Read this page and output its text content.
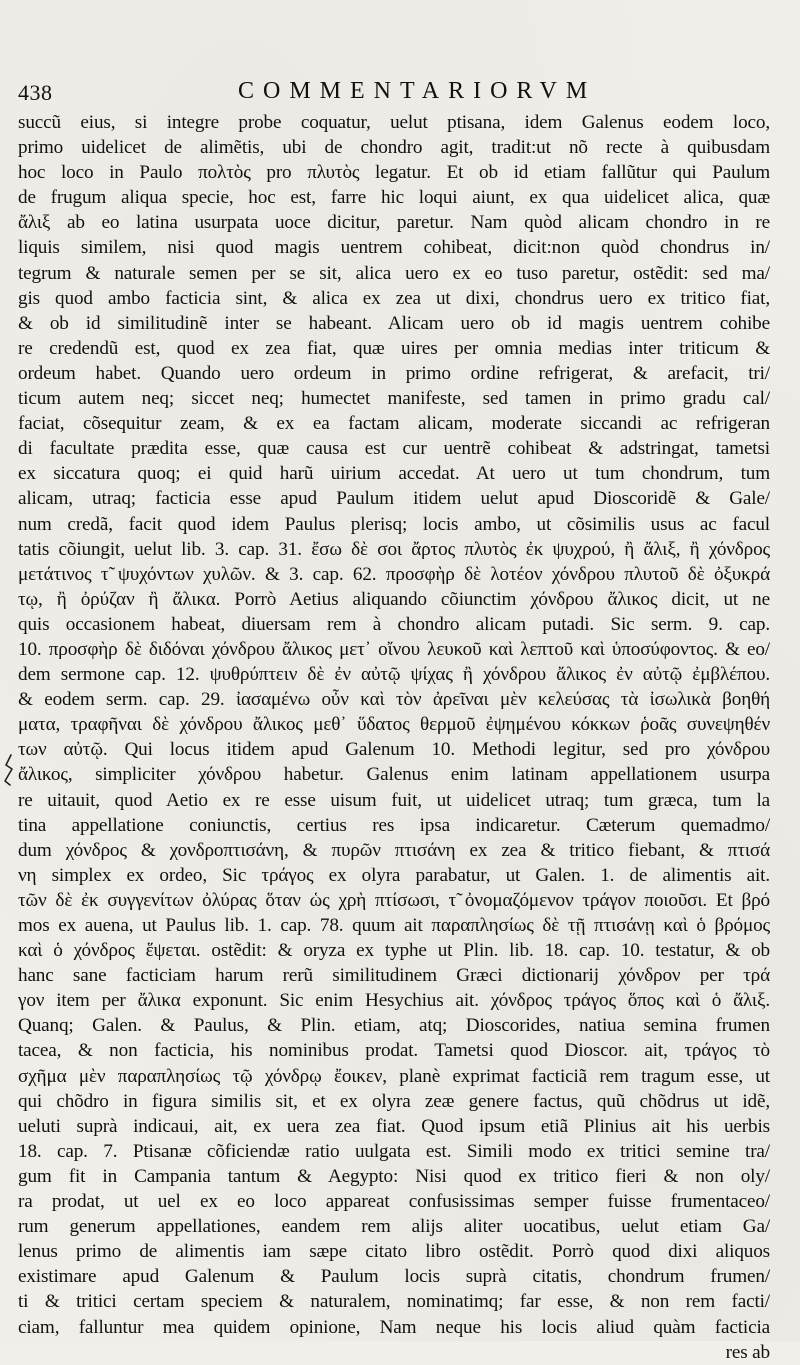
438	COMMENTARIORVM
succũ eius, si integre probe coquatur, uelut ptisana, idem Galenus eodem loco,
primo uidelicet de alimẽtis, ubi de chondro agit, tradit:ut nõ recte à quibusdam
hoc loco in Paulo πολτὸς pro πλυτὸς legatur. Et ob id etiam fallũtur qui Paulum
de frugum aliqua specie, hoc est, farre hic loqui aiunt, ex qua uidelicet alica, quæ
ἄλιξ ab eo latina usurpata uoce dicitur, paretur. Nam quòd alicam chondro in re
liquis similem, nisi quod magis uentrem cohibeat, dicit:non quòd chondrus in/
tegrum & naturale semen per se sit, alica uero ex eo tuso paretur, ostẽdit: sed ma/
gis quod ambo facticia sint, & alica ex zea ut dixi, chondrus uero ex tritico fiat,
& ob id similitudinẽ inter se habeant. Alicam uero ob id magis uentrem cohibe
re credendũ est, quod ex zea fiat, quæ uires per omnia medias inter triticum &
ordeum habet. Quando uero ordeum in primo ordine refrigerat, & arefacit, tri/
ticum autem neq; siccet neq; humectet manifeste, sed tamen in primo gradu cal/
faciat, cõsequitur zeam, & ex ea factam alicam, moderate siccandi ac refrigeran
di facultate prædita esse, quæ causa est cur uentrẽ cohibeat & adstringat, tametsi
ex siccatura quoq; ei quid harũ uirium accedat. At uero ut tum chondrum, tum
alicam, utraq; facticia esse apud Paulum itidem uelut apud Dioscoridẽ & Gale/
num credã, facit quod idem Paulus plerisq; locis ambo, ut cõsimilis usus ac facul
tatis cõiungit, uelut lib. 3. cap. 31. ἔσω δὲ σοι ἄρτος πλυτὸς ἐκ ψυχρού, ἢ ἄλιξ, ἢ χόνδρος
μετάτινος τ̃ ψυχόντων χυλῶν. & 3. cap. 62. προσφὴρ δὲ λοτέον χόνδρου πλυτοῦ δὲ ὀξυκρά
τῳ, ἢ ὀρύζαν ἢ ἄλικα. Porrò Aetius aliquando cõiunctim χόνδρου ἄλικος dicit, ut ne
quis occasionem habeat, diuersam rem à chondro alicam putadi. Sic serm. 9. cap.
10. προσφὴρ δὲ διδόναι χόνδρου ἄλικος μετ᾽ οἴνου λευκοῦ καὶ λεπτοῦ καὶ ὑποσύφοντος. & eo/
dem sermone cap. 12. ψυθρύπτειν δὲ ἐν αὐτῷ ψίχας ἢ χόνδρου ἄλικος ἐν αὐτῷ ἐμβλέπου.
& eodem serm. cap. 29. ἰασαμένω οὖν καὶ τὸν ἀρεῖναι μὲν κελεύσας τὰ ἰσωλικὰ βοηθή
ματα, τραφῆναι δὲ χόνδρου ἄλικος μεθ᾽ ὕδατος θερμοῦ ἐψημένου κόκκων ῥοᾶς συνεψηθέν
των αὐτῷ. Qui locus itidem apud Galenum 10. Methodi legitur, sed pro χόνδρου
ἄλικος, simpliciter χόνδρου habetur. Galenus enim latinam appellationem usurpa
re uitauit, quod Aetio ex re esse uisum fuit, ut uidelicet utraq; tum græca, tum la
tina appellatione coniunctis, certius res ipsa indicaretur. Cæterum quemadmo/
dum χόνδρος & χονδροπτισάνη, & πυρῶν πτισάνη ex zea & tritico fiebant, & πτισά
νη simplex ex ordeo, Sic τράγος ex olyra parabatur, ut Galen. 1. de alimentis ait.
τῶν δὲ ἐκ συγγενίτων ὀλύρας ὅταν ὡς χρὴ πτίσωσι, τ̃ ὀνομαζόμενον τράγον ποιοῦσι. Et βρό
mos ex auena, ut Paulus lib. 1. cap. 78. quum ait παραπλησίως δὲ τῇ πτισάνῃ καὶ ὁ βρόμος
καὶ ὁ χόνδρος ἕψεται. ostẽdit: & oryza ex typhe ut Plin. lib. 18. cap. 10. testatur, & ob
hanc sane facticiam harum rerũ similitudinem Græci dictionarij χόνδρον per τρά
γον item per ἄλικα exponunt. Sic enim Hesychius ait. χόνδρος τράγος ὅπος καὶ ὁ ἄλιξ.
Quanq; Galen. & Paulus, & Plin. etiam, atq; Dioscorides, natiua semina frumen
tacea, & non facticia, his nominibus prodat. Tametsi quod Dioscor. ait, τράγος τὸ
σχῆμα μὲν παραπλησίως τῷ χόνδρῳ ἔοικεν, planè exprimat facticiã rem tragum esse, ut
qui chõdro in figura similis sit, et ex olyra zeæ genere factus, quũ chõdrus ut idẽ,
ueluti suprà indicaui, ait, ex uera zea fiat. Quod ipsum etiã Plinius ait his uerbis
18. cap. 7. Ptisanæ cõficiendæ ratio uulgata est. Simili modo ex tritici semine tra/
gum fit in Campania tantum & Aegypto: Nisi quod ex tritico fieri & non oly/
ra prodat, ut uel ex eo loco appareat confusissimas semper fuisse frumentaceo/
rum generum appellationes, eandem rem alijs aliter uocatibus, uelut etiam Ga/
lenus primo de alimentis iam sæpe citato libro ostẽdit. Porrò quod dixi aliquos
existimare apud Galenum & Paulum locis suprà citatis, chondrum frumen/
ti & tritici certam speciem & naturalem, nominatimq; far esse, & non rem facti/
ciam, falluntur mea quidem opinione, Nam neque his locis aliud quàm facticia
res ab
